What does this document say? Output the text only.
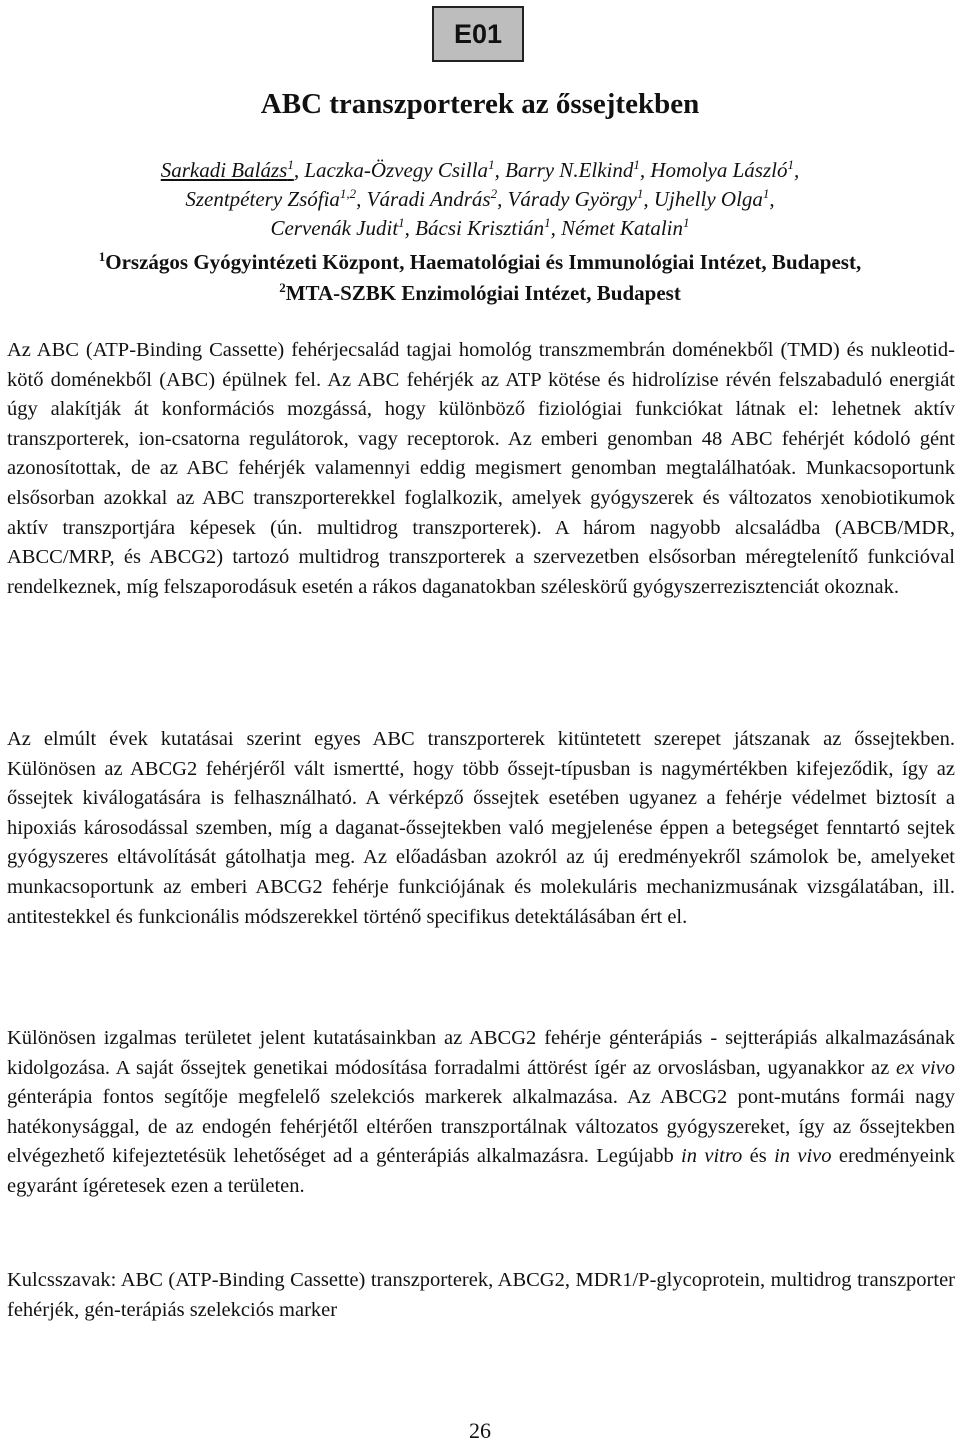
E01
ABC transzporterek az őssejtekben
Sarkadi Balázs$^1$, Laczka-Özvegy Csilla$^1$, Barry N.Elkind$^1$, Homolya László$^1$,
Szentpétery Zsófia$^{1,2}$, Váradi András$^2$, Várady György$^1$, Ujhelly Olga$^1$,
Cervenák Judit$^1$, Bácsi Krisztián$^1$, Német Katalin$^1$
$^1$Országos Gyógyintézeti Központ, Haematológiai és Immunológiai Intézet, Budapest,
$^2$MTA-SZBK Enzimológiai Intézet, Budapest

Az ABC (ATP-Binding Cassette) fehérjecsalád tagjai homológ transzmembrán doménekből (TMD) és nukleotid-kötő doménekből (ABC) épülnek fel. Az ABC fehérjék az ATP kötése és hidrolízise révén felszabaduló energiát úgy alakítják át konformációs mozgássá, hogy különböző fiziológiai funkciókat látnak el: lehetnek aktív transzporterek, ion-csatorna regulátorok, vagy receptorok. Az emberi genomban 48 ABC fehérjét kódoló gént azonosítottak, de az ABC fehérjék valamennyi eddig megismert genomban megtalálhatóak. Munkacsoportunk elsősorban azokkal az ABC transzporterekkel foglalkozik, amelyek gyógyszerek és változatos xenobiotikumok aktív transzportjára képesek (ún. multidrog transzporterek). A három nagyobb alcsaládba (ABCB/MDR, ABCC/MRP, és ABCG2) tartozó multidrog transzporterek a szervezetben elsősorban méregtelenítő funkcióval rendelkeznek, míg felszaporodásuk esetén a rákos daganatokban széleskörű gyógyszerrezisztenciát okoznak.

Az elmúlt évek kutatásai szerint egyes ABC transzporterek kitüntetett szerepet játszanak az őssejtekben. Különösen az ABCG2 fehérjéről vált ismertté, hogy több őssejt-típusban is nagymértékben kifejeződik, így az őssejtek kiválogatására is felhasználható. A vérképző őssejtek esetében ugyanez a fehérje védelmet biztosít a hipoxiás károsodással szemben, míg a daganat-őssejtekben való megjelenése éppen a betegséget fenntartó sejtek gyógyszeres eltávolítását gátolhatja meg. Az előadásban azokról az új eredményekről számolok be, amelyeket munkacsoportunk az emberi ABCG2 fehérje funkciójának és molekuláris mechanizmusának vizsgálatában, ill. antitestekkel és funkcionális módszerekkel történő specifikus detektálásában ért el.

Különösen izgalmas területet jelent kutatásainkban az ABCG2 fehérje génterápiás - sejtterápiás alkalmazásának kidolgozása. A saját őssejtek genetikai módosítása forradalmi áttörést ígér az orvoslásban, ugyanakkor az ex vivo génterápia fontos segítője megfelelő szelekciós markerek alkalmazása. Az ABCG2 pont-mutáns formái nagy hatékonysággal, de az endogén fehérjétől eltérően transzportálnak változatos gyógyszereket, így az őssejtekben elvégezhető kifejeztetésük lehetőséget ad a génterápiás alkalmazásra. Legújabb in vitro és in vivo eredményeink egyaránt ígéretesek ezen a területen.

Kulcsszavak: ABC (ATP-Binding Cassette) transzporterek, ABCG2, MDR1/P-glycoprotein, multidrog transzporter fehérjék, gén-terápiás szelekciós marker

26
